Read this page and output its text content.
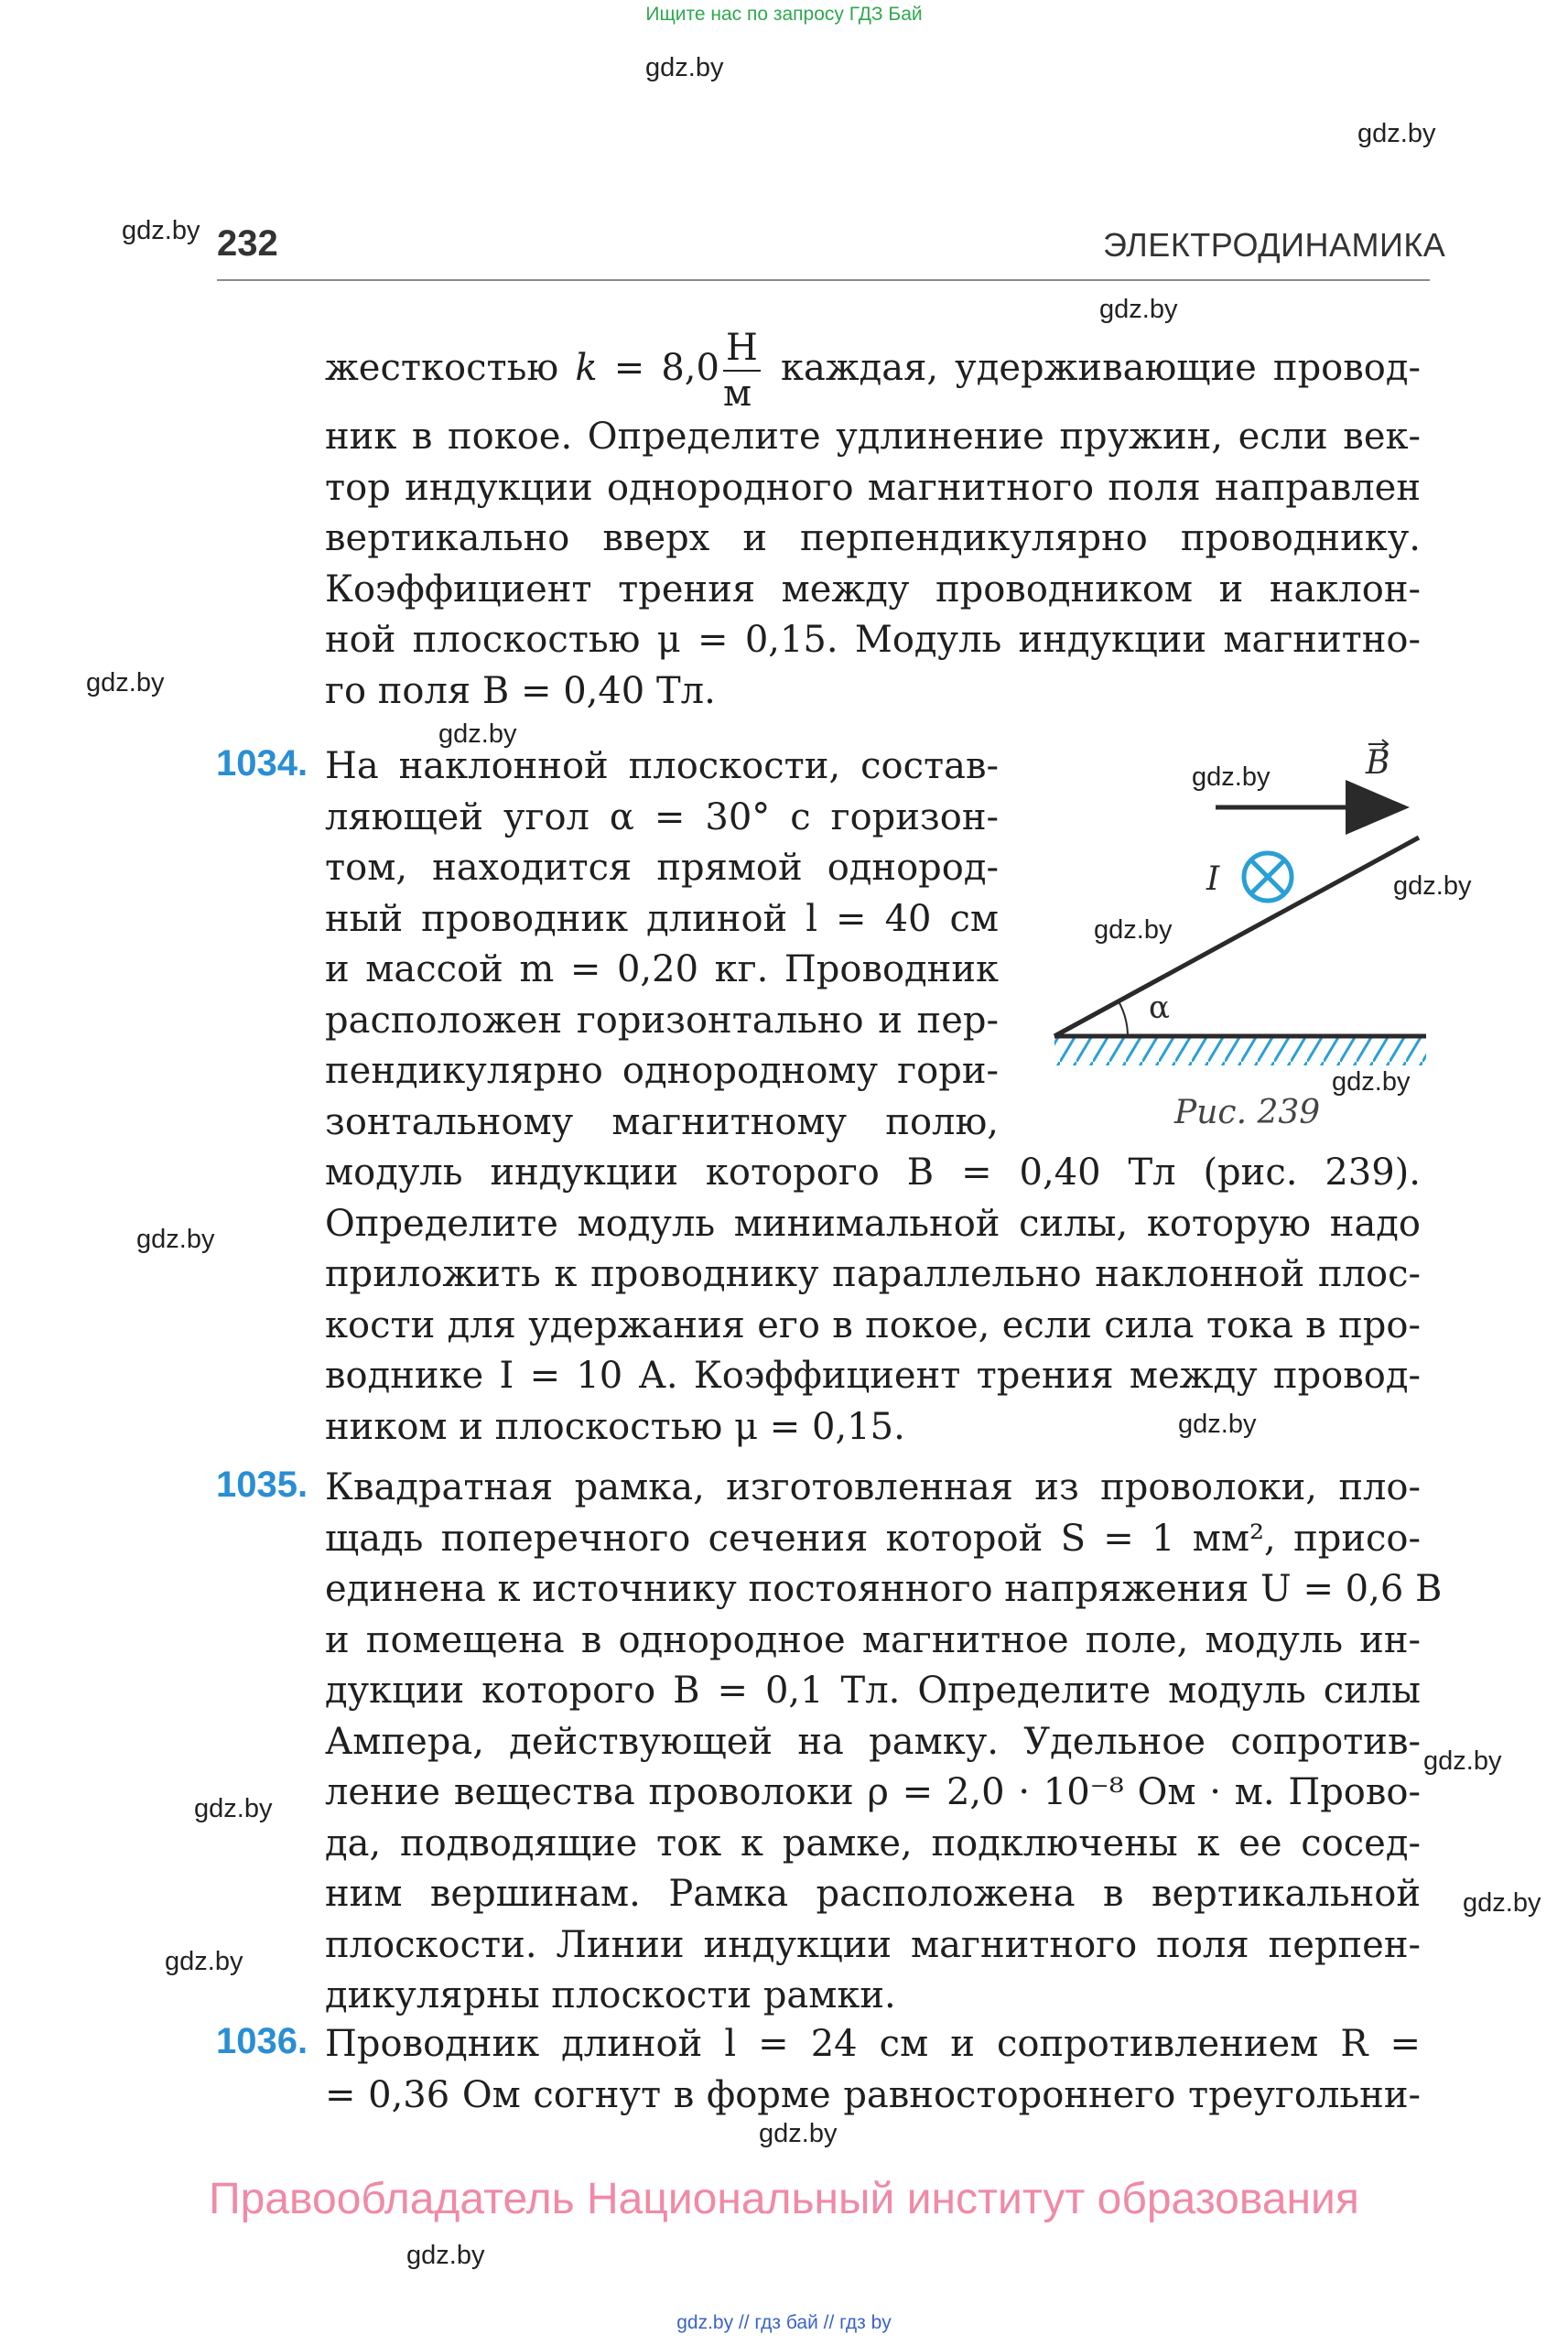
Ищите нас по запросу ГДЗ Бай
gdz.by
gdz.by
gdz.by
gdz.by
gdz.by
gdz.by
gdz.by
gdz.by
gdz.by
gdz.by
gdz.by
gdz.by
gdz.by
gdz.by
gdz.by
gdz.by
gdz.by
gdz.by
232	ЭЛЕКТРОДИНАМИКА

жесткостью $k = 8,0 \frac{Н}{м}$ каждая, удерживающие провод-

ник в покое. Определите удлинение пружин, если век-

тор индукции однородного магнитного поля направлен

вертикально вверх и перпендикулярно проводнику.

Коэффициент трения между проводником и наклон-

ной плоскостью μ = 0,15. Модуль индукции магнитно-

го поля B = 0,40 Тл.

1034. На наклонной плоскости, состав-

ляющей угол α = 30° с горизон-

том, находится прямой однород-

ный проводник длиной l = 40 см

и массой m = 0,20 кг. Проводник

расположен горизонтально и пер-

пендикулярно однородному гори-

зонтальному магнитному полю,

α
B
I
Рис. 239

модуль индукции которого B = 0,40 Тл (рис. 239).

Определите модуль минимальной силы, которую надо

приложить к проводнику параллельно наклонной плос-

кости для удержания его в покое, если сила тока в про-

воднике I = 10 А. Коэффициент трения между провод-

ником и плоскостью μ = 0,15.

1035. Квадратная рамка, изготовленная из проволоки, пло-

щадь поперечного сечения которой S = 1 мм², присо-

единена к источнику постоянного напряжения U = 0,6 В

и помещена в однородное магнитное поле, модуль ин-

дукции которого B = 0,1 Тл. Определите модуль силы

Ампера, действующей на рамку. Удельное сопротив-

ление вещества проволоки ρ = 2,0 · 10⁻⁸ Ом · м. Прово-

да, подводящие ток к рамке, подключены к ее сосед-

ним вершинам. Рамка расположена в вертикальной

плоскости. Линии индукции магнитного поля перпен-

дикулярны плоскости рамки.

1036. Проводник длиной l = 24 см и сопротивлением R =

= 0,36 Ом согнут в форме равностороннего треугольни-

Правообладатель Национальный институт образования
gdz.by // гдз бай // гдз by
